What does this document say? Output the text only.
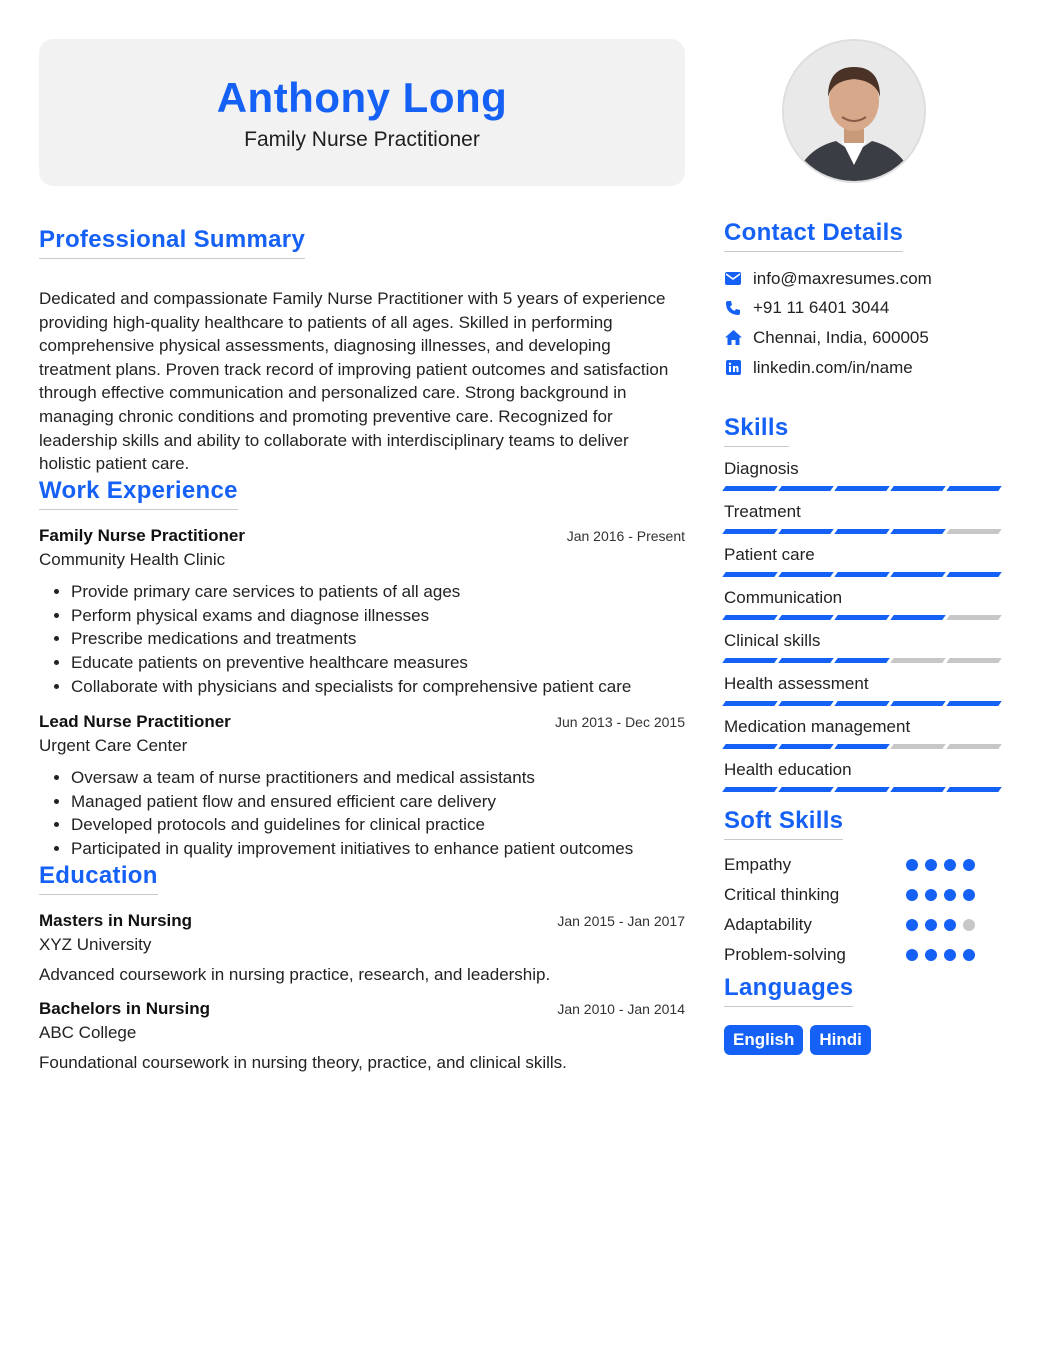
Anthony Long
Family Nurse Practitioner
Professional Summary

Dedicated and compassionate Family Nurse Practitioner with 5 years of experience providing high-quality healthcare to patients of all ages. Skilled in performing comprehensive physical assessments, diagnosing illnesses, and developing treatment plans. Proven track record of improving patient outcomes and satisfaction through effective communication and personalized care. Strong background in managing chronic conditions and promoting preventive care. Recognized for leadership skills and ability to collaborate with interdisciplinary teams to deliver holistic patient care.

Work Experience
Family Nurse Practitioner	Jan 2016 - Present
Community Health Clinic
• Provide primary care services to patients of all ages
• Perform physical exams and diagnose illnesses
• Prescribe medications and treatments
• Educate patients on preventive healthcare measures
• Collaborate with physicians and specialists for comprehensive patient care
Lead Nurse Practitioner	Jun 2013 - Dec 2015
Urgent Care Center
• Oversaw a team of nurse practitioners and medical assistants
• Managed patient flow and ensured efficient care delivery
• Developed protocols and guidelines for clinical practice
• Participated in quality improvement initiatives to enhance patient outcomes
Education
Masters in Nursing	Jan 2015 - Jan 2017
XYZ University
Advanced coursework in nursing practice, research, and leadership.
Bachelors in Nursing	Jan 2010 - Jan 2014
ABC College
Foundational coursework in nursing theory, practice, and clinical skills.
Contact Details
info@maxresumes.com
+91 11 6401 3044
Chennai, India, 600005
linkedin.com/in/name
Skills
Diagnosis
Treatment
Patient care
Communication
Clinical skills
Health assessment
Medication management
Health education
Soft Skills
Empathy
Critical thinking
Adaptability
Problem-solving
Languages
English	Hindi
